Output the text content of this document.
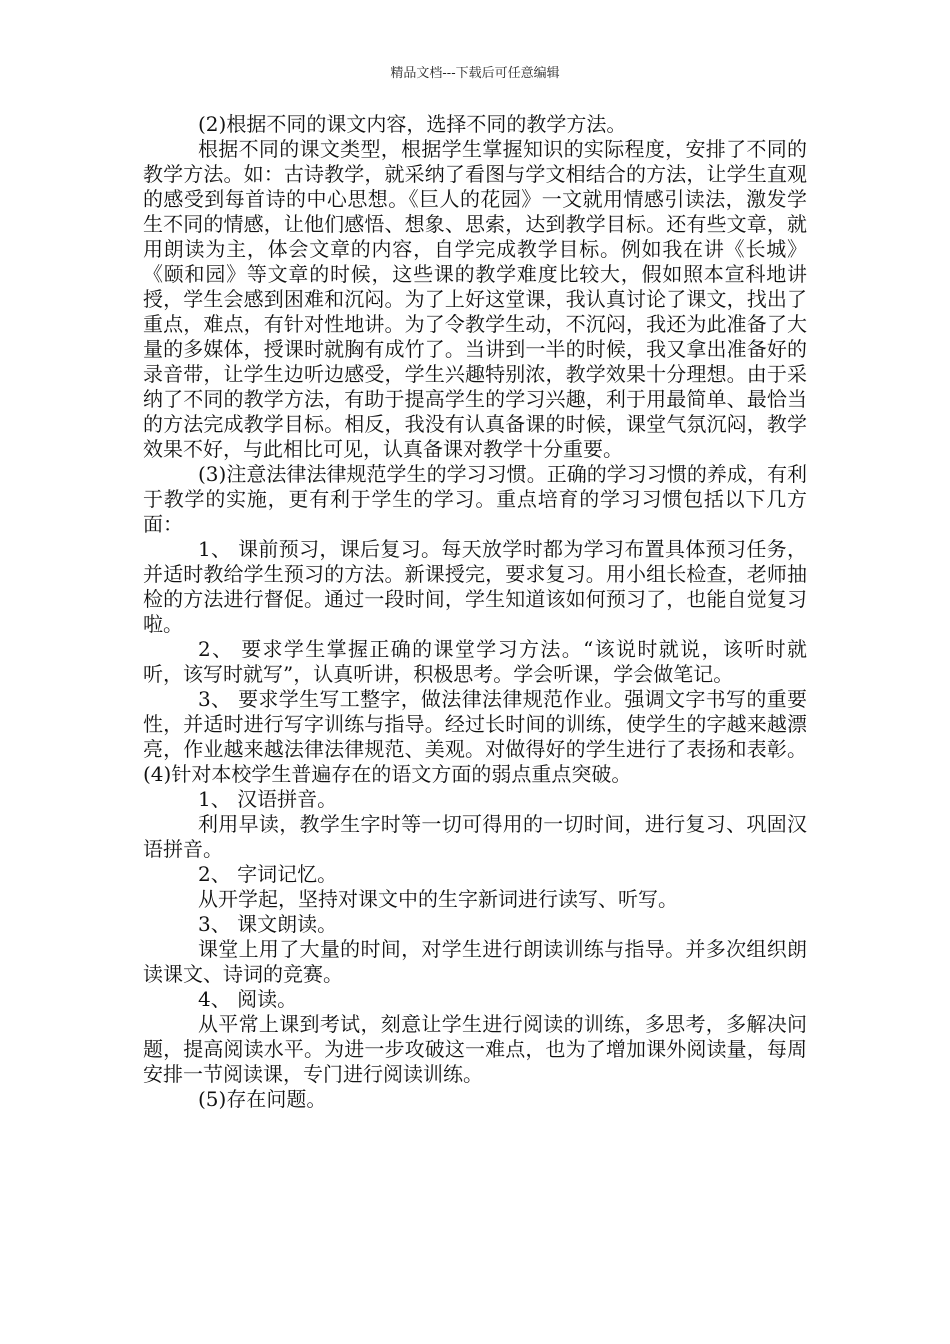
精品文档---下载后可任意编辑

(2)根据不同的课文内容，选择不同的教学方法。

根据不同的课文类型，根据学生掌握知识的实际程度，安排了不同的教学方法。如：古诗教学，就采纳了看图与学文相结合的方法，让学生直观的感受到每首诗的中心思想。《巨人的花园》一文就用情感引读法，激发学生不同的情感，让他们感悟、想象、思索，达到教学目标。还有些文章，就用朗读为主，体会文章的内容，自学完成教学目标。例如我在讲《长城》《颐和园》等文章的时候，这些课的教学难度比较大，假如照本宣科地讲授，学生会感到困难和沉闷。为了上好这堂课，我认真讨论了课文，找出了重点，难点，有针对性地讲。为了令教学生动，不沉闷，我还为此准备了大量的多媒体，授课时就胸有成竹了。当讲到一半的时候，我又拿出准备好的录音带，让学生边听边感受，学生兴趣特别浓，教学效果十分理想。由于采纳了不同的教学方法，有助于提高学生的学习兴趣，利于用最简单、最恰当的方法完成教学目标。相反，我没有认真备课的时候，课堂气氛沉闷，教学效果不好，与此相比可见，认真备课对教学十分重要。

(3)注意法律法律规范学生的学习习惯。正确的学习习惯的养成，有利于教学的实施，更有利于学生的学习。重点培育的学习习惯包括以下几方面：

1、 课前预习，课后复习。每天放学时都为学习布置具体预习任务，并适时教给学生预习的方法。新课授完，要求复习。用小组长检查，老师抽检的方法进行督促。通过一段时间，学生知道该如何预习了，也能自觉复习啦。

2、 要求学生掌握正确的课堂学习方法。“该说时就说，该听时就听，该写时就写”，认真听讲，积极思考。学会听课，学会做笔记。

3、 要求学生写工整字，做法律法律规范作业。强调文字书写的重要性，并适时进行写字训练与指导。经过长时间的训练，使学生的字越来越漂亮，作业越来越法律法律规范、美观。对做得好的学生进行了表扬和表彰。 (4)针对本校学生普遍存在的语文方面的弱点重点突破。

1、 汉语拼音。

利用早读，教学生字时等一切可得用的一切时间，进行复习、巩固汉语拼音。

2、 字词记忆。

从开学起，坚持对课文中的生字新词进行读写、听写。

3、 课文朗读。

课堂上用了大量的时间，对学生进行朗读训练与指导。并多次组织朗读课文、诗词的竞赛。

4、 阅读。

从平常上课到考试，刻意让学生进行阅读的训练，多思考，多解决问题，提高阅读水平。为进一步攻破这一难点，也为了增加课外阅读量，每周安排一节阅读课，专门进行阅读训练。

(5)存在问题。
